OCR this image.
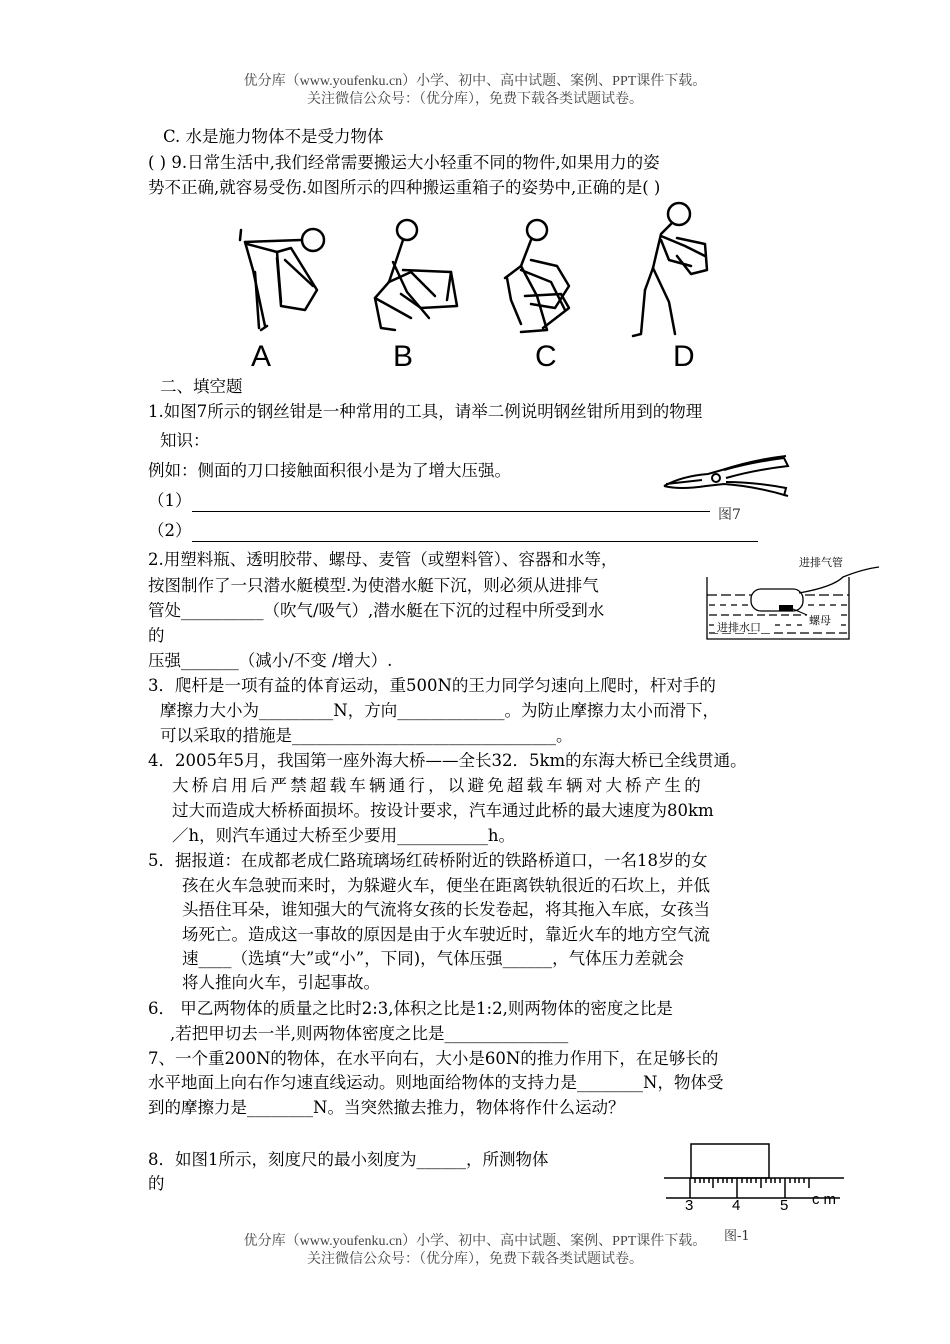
优分库（www.youfenku.cn）小学、初中、高中试题、案例、PPT课件下载。
关注微信公众号：（优分库），免费下载各类试题试卷。
C. 水是施力物体不是受力物体
( ) 9.日常生活中,我们经常需要搬运大小轻重不同的物件,如果用力的姿
势不正确,就容易受伤.如图所示的四种搬运重箱子的姿势中,正确的是( )
A	B	C	D
二、填空题
1.如图7所示的钢丝钳是一种常用的工具，请举二例说明钢丝钳所用到的物理
知识：
例如：侧面的刀口接触面积很小是为了增大压强。
（1）
（2）
图7
2.用塑料瓶、透明胶带、螺母、麦管（或塑料管）、容器和水等，
按图制作了一只潜水艇模型.为使潜水艇下沉，则必须从进排气
管处__________（吹气/吸气）,潜水艇在下沉的过程中所受到水
的
压强_______（减小/不变 /增大）.
进排气管
进排水口
螺母
3．爬杆是一项有益的体育运动，重500N的王力同学匀速向上爬时，杆对手的
摩擦力大小为_________N，方向_____________。为防止摩擦力太小而滑下，
可以采取的措施是________________________________。
4．2005年5月，我国第一座外海大桥——全长32．5km的东海大桥已全线贯通。
大桥启用后严禁超载车辆通行，以避免超载车辆对大桥产生的
过大而造成大桥桥面损坏。按设计要求，汽车通过此桥的最大速度为80km
／h，则汽车通过大桥至少要用___________h。
5．据报道：在成都老成仁路琉璃场红砖桥附近的铁路桥道口，一名18岁的女
孩在火车急驶而来时，为躲避火车，便坐在距离铁轨很近的石坎上，并低
头捂住耳朵，谁知强大的气流将女孩的长发卷起，将其拖入车底，女孩当
场死亡。造成这一事故的原因是由于火车驶近时，靠近火车的地方空气流
速____（选填“大”或“小”，下同)，气体压强______，气体压力差就会
将人推向火车，引起事故。
6． 甲乙两物体的质量之比时2:3,体积之比是1:2,则两物体的密度之比是
,若把甲切去一半,则两物体密度之比是_______________
7、一个重200N的物体，在水平向右，大小是60N的推力作用下，在足够长的
水平地面上向右作匀速直线运动。则地面给物体的支持力是________N，物体受
到的摩擦力是________N。当突然撤去推力，物体将作什么运动？
8．如图1所示，刻度尺的最小刻度为______，所测物体
的
3	4	5 cm
图-1
优分库（www.youfenku.cn）小学、初中、高中试题、案例、PPT课件下载。
关注微信公众号：（优分库），免费下载各类试题试卷。
